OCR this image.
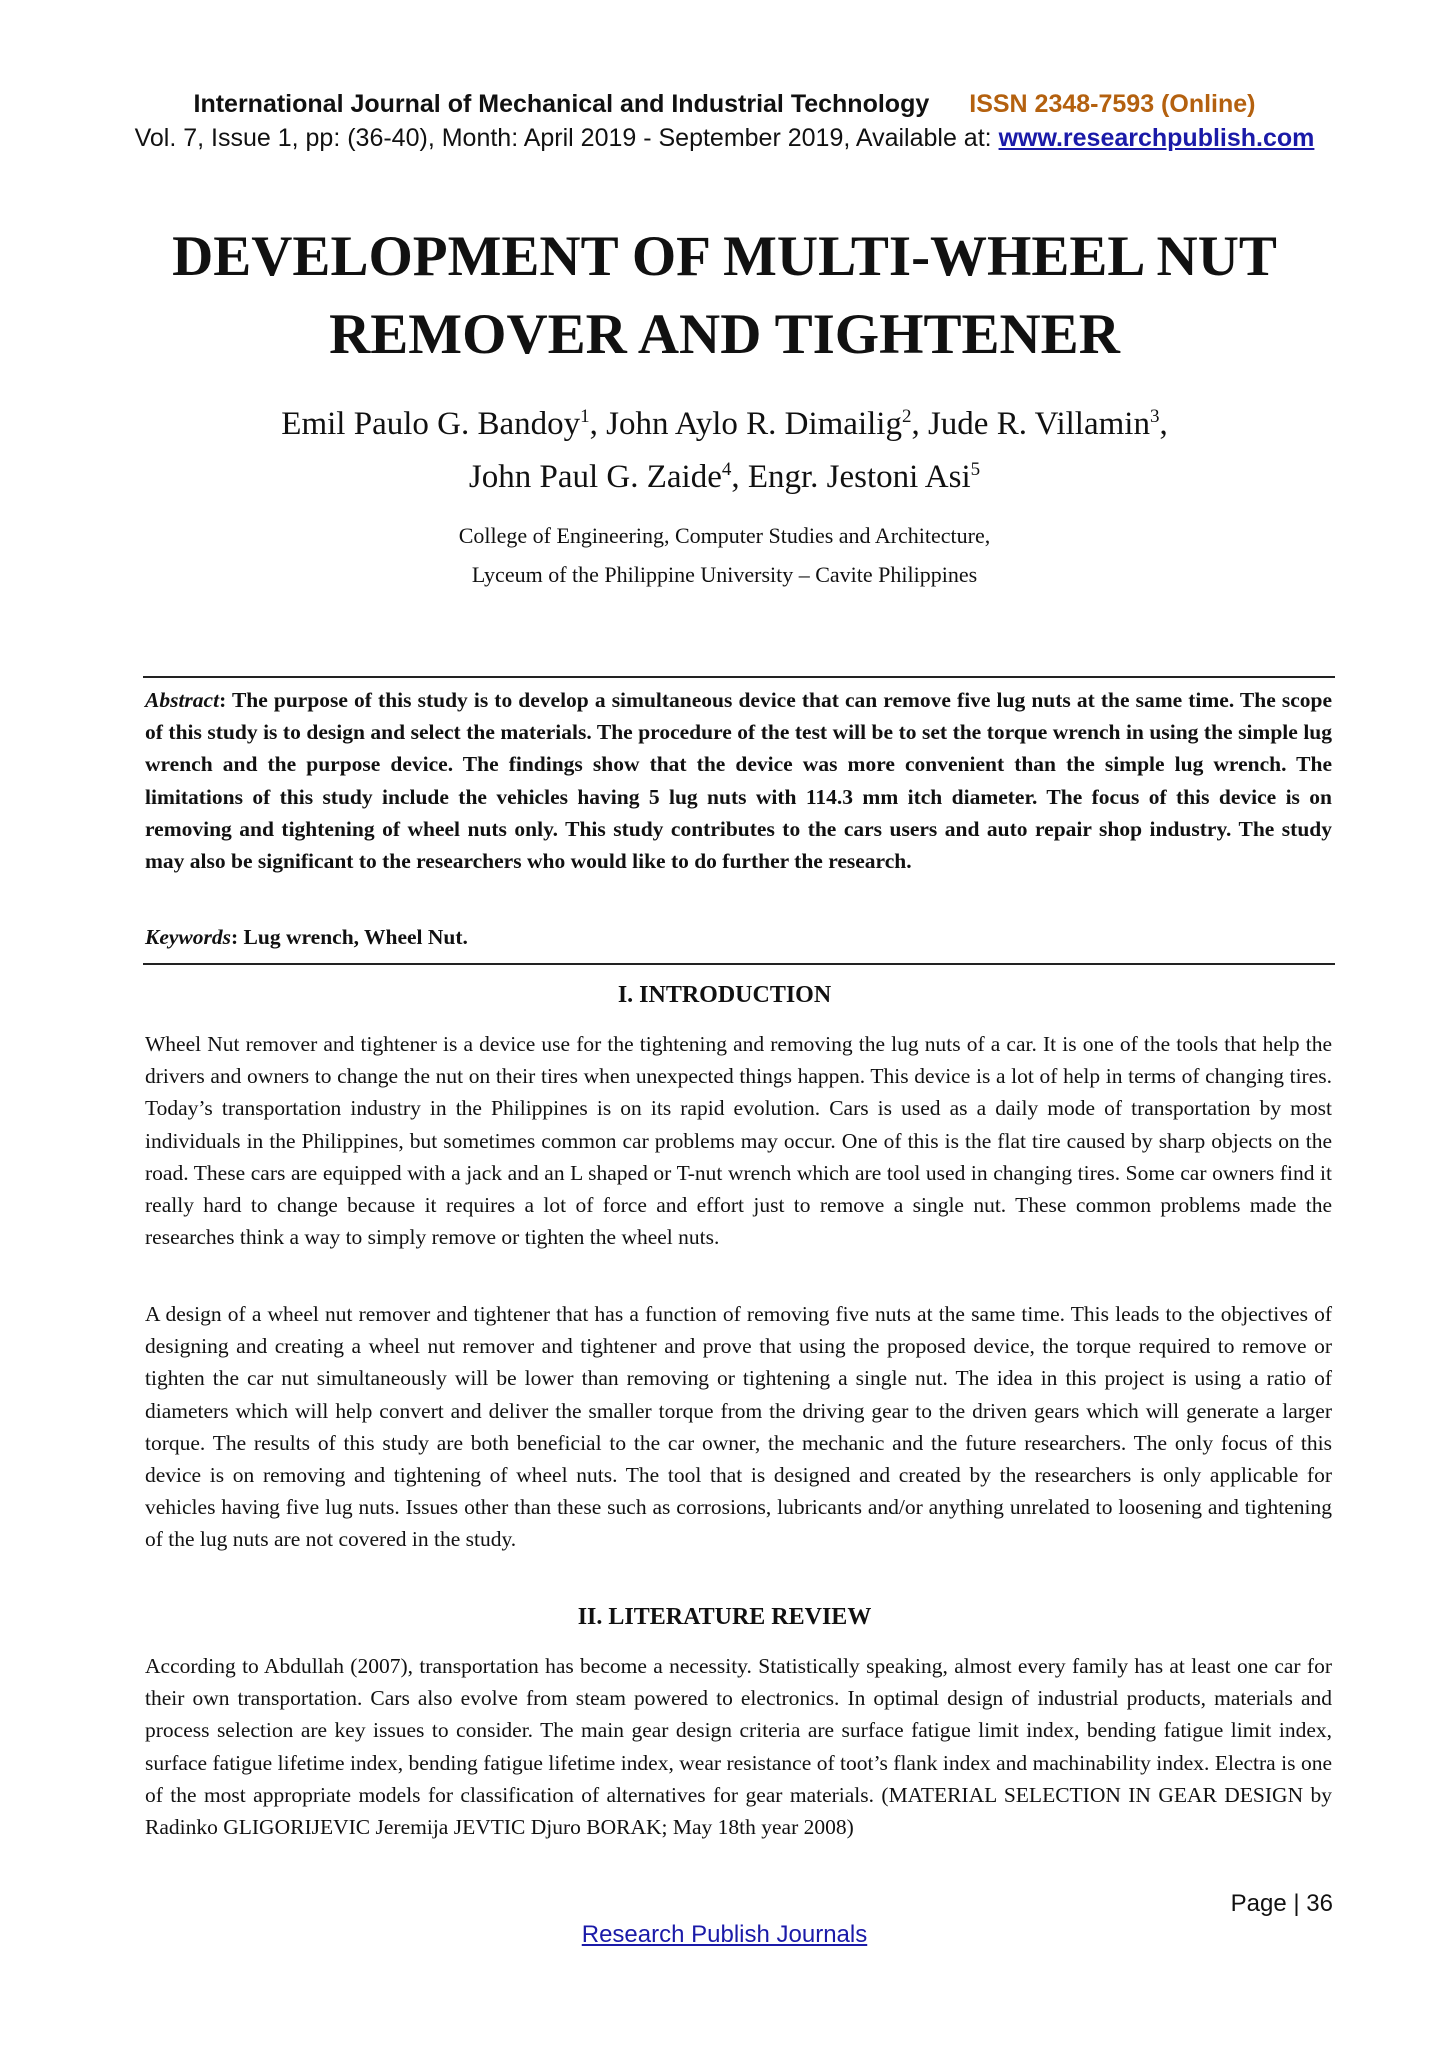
International Journal of Mechanical and Industrial Technology ISSN 2348-7593 (Online)
Vol. 7, Issue 1, pp: (36-40), Month: April 2019 - September 2019, Available at: www.researchpublish.com
DEVELOPMENT OF MULTI-WHEEL NUT
REMOVER AND TIGHTENER
Emil Paulo G. Bandoy$^1$, John Aylo R. Dimailig$^2$, Jude R. Villamin$^3$,
John Paul G. Zaide$^4$, Engr. Jestoni Asi$^5$
College of Engineering, Computer Studies and Architecture,
Lyceum of the Philippine University – Cavite Philippines
Abstract: The purpose of this study is to develop a simultaneous device that can remove five lug nuts at the same time. The scope of this study is to design and select the materials. The procedure of the test will be to set the torque wrench in using the simple lug wrench and the purpose device. The findings show that the device was more convenient than the simple lug wrench. The limitations of this study include the vehicles having 5 lug nuts with 114.3 mm itch diameter. The focus of this device is on removing and tightening of wheel nuts only. This study contributes to the cars users and auto repair shop industry. The study may also be significant to the researchers who would like to do further the research.
Keywords: Lug wrench, Wheel Nut.
I. INTRODUCTION
Wheel Nut remover and tightener is a device use for the tightening and removing the lug nuts of a car. It is one of the tools that help the drivers and owners to change the nut on their tires when unexpected things happen. This device is a lot of help in terms of changing tires. Today’s transportation industry in the Philippines is on its rapid evolution. Cars is used as a daily mode of transportation by most individuals in the Philippines, but sometimes common car problems may occur. One of this is the flat tire caused by sharp objects on the road. These cars are equipped with a jack and an L shaped or T-nut wrench which are tool used in changing tires. Some car owners find it really hard to change because it requires a lot of force and effort just to remove a single nut. These common problems made the researches think a way to simply remove or tighten the wheel nuts.
A design of a wheel nut remover and tightener that has a function of removing five nuts at the same time. This leads to the objectives of designing and creating a wheel nut remover and tightener and prove that using the proposed device, the torque required to remove or tighten the car nut simultaneously will be lower than removing or tightening a single nut. The idea in this project is using a ratio of diameters which will help convert and deliver the smaller torque from the driving gear to the driven gears which will generate a larger torque. The results of this study are both beneficial to the car owner, the mechanic and the future researchers. The only focus of this device is on removing and tightening of wheel nuts. The tool that is designed and created by the researchers is only applicable for vehicles having five lug nuts. Issues other than these such as corrosions, lubricants and/or anything unrelated to loosening and tightening of the lug nuts are not covered in the study.
II. LITERATURE REVIEW
According to Abdullah (2007), transportation has become a necessity. Statistically speaking, almost every family has at least one car for their own transportation. Cars also evolve from steam powered to electronics. In optimal design of industrial products, materials and process selection are key issues to consider. The main gear design criteria are surface fatigue limit index, bending fatigue limit index, surface fatigue lifetime index, bending fatigue lifetime index, wear resistance of toot’s flank index and machinability index. Electra is one of the most appropriate models for classification of alternatives for gear materials. (MATERIAL SELECTION IN GEAR DESIGN by Radinko GLIGORIJEVIC Jeremija JEVTIC Djuro BORAK; May 18th year 2008)
Page | 36
Research Publish Journals
